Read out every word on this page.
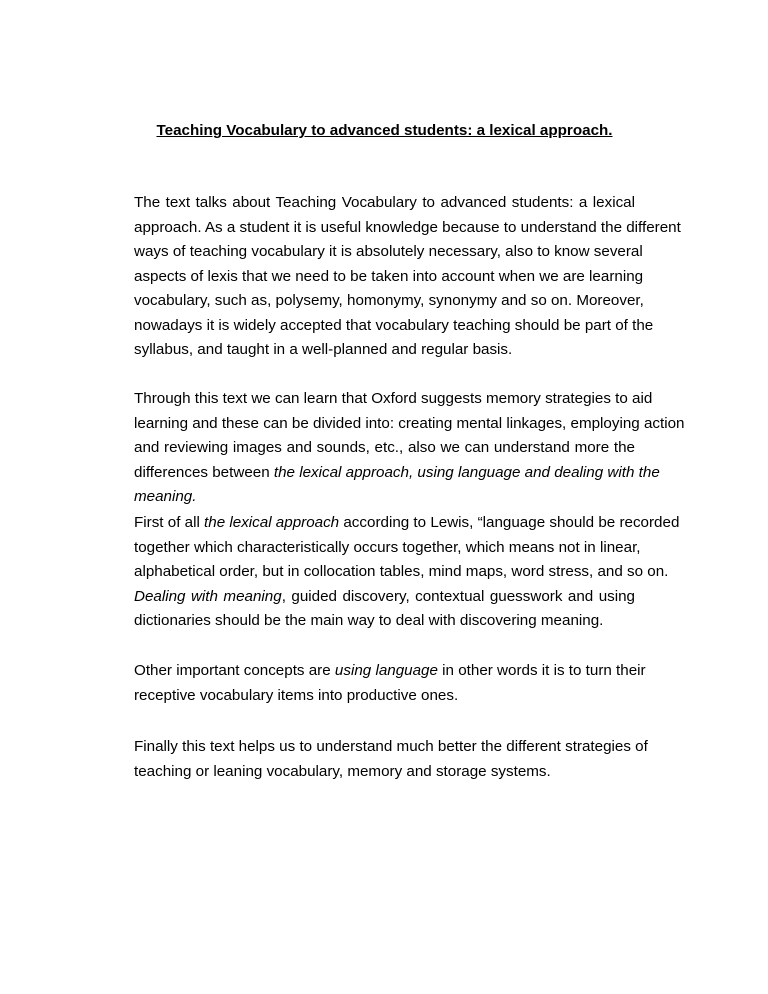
Teaching Vocabulary to advanced students: a lexical approach.

The text talks about Teaching Vocabulary to advanced students: a lexical
approach. As a student it is useful knowledge because to understand the different
ways of teaching vocabulary it is absolutely necessary, also to know several
aspects of lexis that we need to be taken into account when we are learning
vocabulary, such as, polysemy, homonymy, synonymy and so on. Moreover,
nowadays it is widely accepted that vocabulary teaching should be part of the
syllabus, and taught in a well-planned and regular basis.

Through this text we can learn that Oxford suggests memory strategies to aid
learning and these can be divided into: creating mental linkages, employing action
and reviewing images and sounds, etc., also we can understand more the
differences between the lexical approach, using language and dealing with the
meaning.

First of all the lexical approach according to Lewis, “language should be recorded
together which characteristically occurs together, which means not in linear,
alphabetical order, but in collocation tables, mind maps, word stress, and so on.
Dealing with meaning, guided discovery, contextual guesswork and using
dictionaries should be the main way to deal with discovering meaning.

Other important concepts are using language in other words it is to turn their
receptive vocabulary items into productive ones.

Finally this text helps us to understand much better the different strategies of
teaching or leaning vocabulary, memory and storage systems.
